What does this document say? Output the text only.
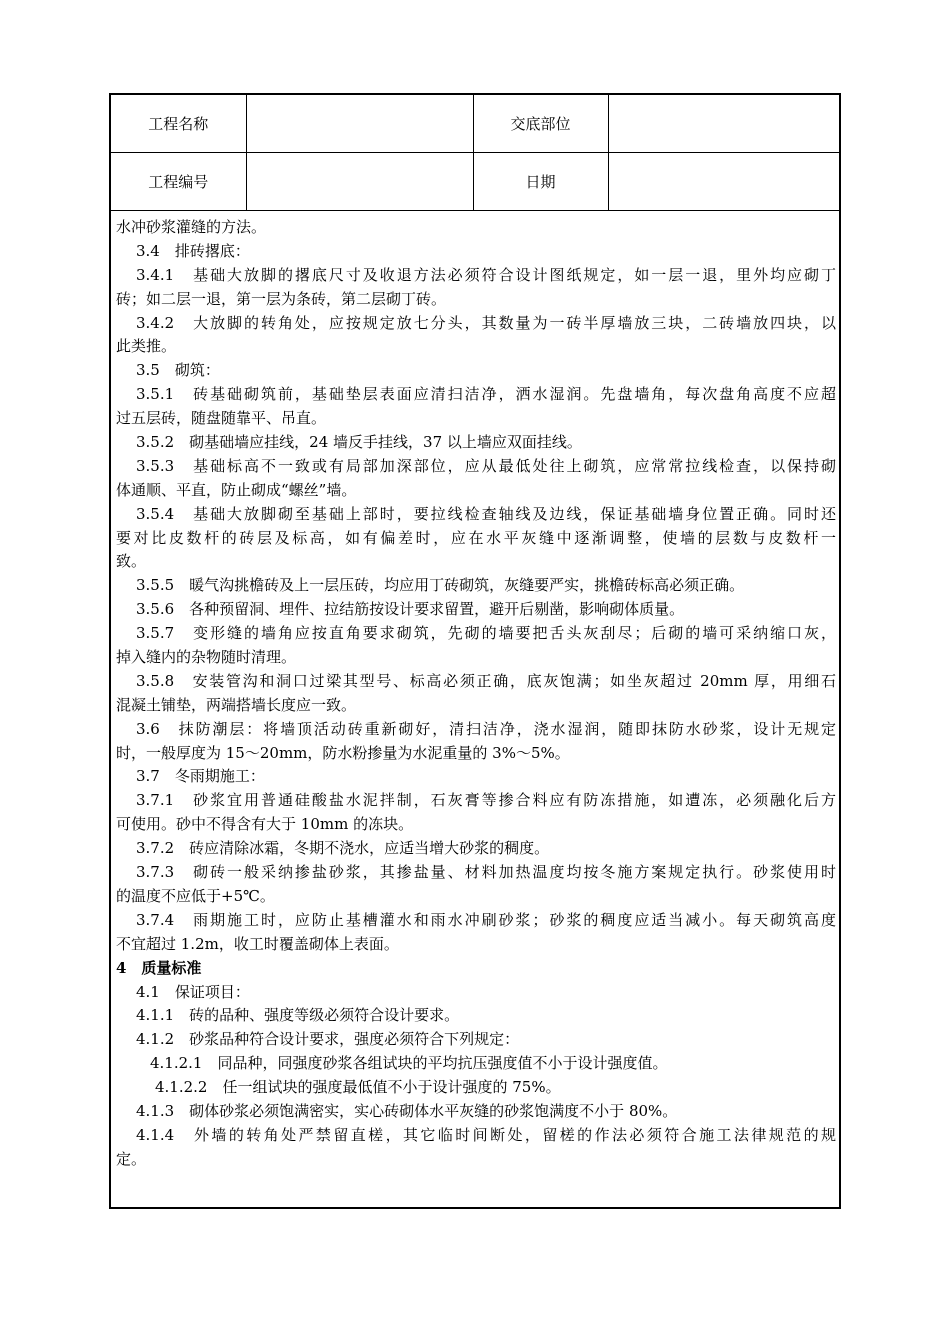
工程名称		交底部位	
工程编号		日期	
水冲砂浆灌缝的方法。
3.4　排砖撂底：
3.4.1　基础大放脚的撂底尺寸及收退方法必须符合设计图纸规定，如一层一退，里外均应砌丁
砖；如二层一退，第一层为条砖，第二层砌丁砖。
3.4.2　大放脚的转角处，应按规定放七分头，其数量为一砖半厚墙放三块，二砖墙放四块，以
此类推。
3.5　砌筑：
3.5.1　砖基础砌筑前，基础垫层表面应清扫洁净，洒水湿润。先盘墙角，每次盘角高度不应超
过五层砖，随盘随靠平、吊直。
3.5.2　砌基础墙应挂线，24 墙反手挂线，37 以上墙应双面挂线。
3.5.3　基础标高不一致或有局部加深部位，应从最低处往上砌筑，应常常拉线检查，以保持砌
体通顺、平直，防止砌成“螺丝”墙。
3.5.4　基础大放脚砌至基础上部时，要拉线检查轴线及边线，保证基础墙身位置正确。同时还
要对比皮数杆的砖层及标高，如有偏差时，应在水平灰缝中逐渐调整，使墙的层数与皮数杆一
致。
3.5.5　暖气沟挑檐砖及上一层压砖，均应用丁砖砌筑，灰缝要严实，挑檐砖标高必须正确。
3.5.6　各种预留洞、埋件、拉结筋按设计要求留置，避开后剔凿，影响砌体质量。
3.5.7　变形缝的墙角应按直角要求砌筑，先砌的墙要把舌头灰刮尽；后砌的墙可采纳缩口灰，
掉入缝内的杂物随时清理。
3.5.8　安装管沟和洞口过梁其型号、标高必须正确，底灰饱满；如坐灰超过 20mm 厚，用细石
混凝土铺垫，两端搭墙长度应一致。
3.6　抹防潮层：将墙顶活动砖重新砌好，清扫洁净，浇水湿润，随即抹防水砂浆，设计无规定
时，一般厚度为 15～20mm，防水粉掺量为水泥重量的 3%～5%。
3.7　冬雨期施工：
3.7.1　砂浆宜用普通硅酸盐水泥拌制，石灰膏等掺合料应有防冻措施，如遭冻，必须融化后方
可使用。砂中不得含有大于 10mm 的冻块。
3.7.2　砖应清除冰霜，冬期不浇水，应适当增大砂浆的稠度。
3.7.3　砌砖一般采纳掺盐砂浆，其掺盐量、材料加热温度均按冬施方案规定执行。砂浆使用时
的温度不应低于+5℃。
3.7.4　雨期施工时，应防止基槽灌水和雨水冲刷砂浆；砂浆的稠度应适当减小。每天砌筑高度
不宜超过 1.2m，收工时覆盖砌体上表面。
4　质量标准
4.1　保证项目：
4.1.1　砖的品种、强度等级必须符合设计要求。
4.1.2　砂浆品种符合设计要求，强度必须符合下列规定：
4.1.2.1　同品种，同强度砂浆各组试块的平均抗压强度值不小于设计强度值。
4.1.2.2　任一组试块的强度最低值不小于设计强度的 75%。
4.1.3　砌体砂浆必须饱满密实，实心砖砌体水平灰缝的砂浆饱满度不小于 80%。
4.1.4　外墙的转角处严禁留直槎，其它临时间断处，留槎的作法必须符合施工法律规范的规
定。
